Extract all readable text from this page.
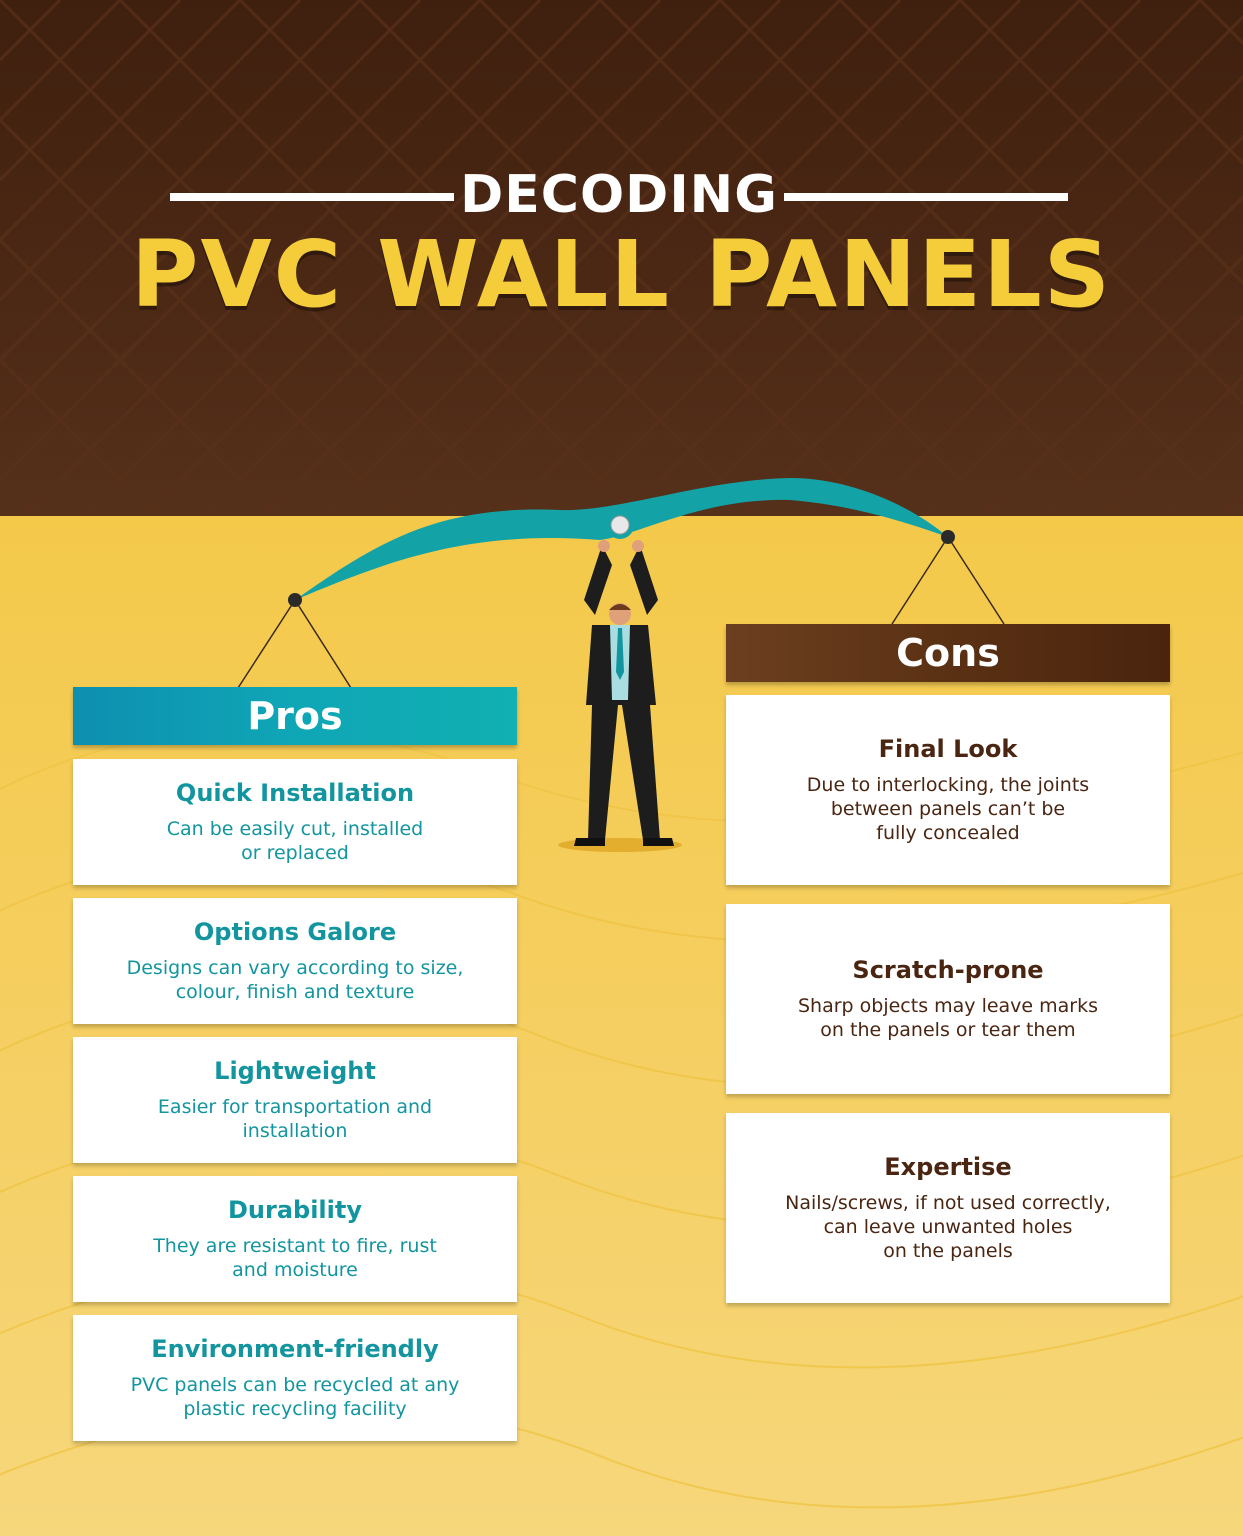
DECODING
PVC WALL PANELS
Pros
Quick Installation
Can be easily cut, installed
or replaced
Options Galore
Designs can vary according to size,
colour, finish and texture
Lightweight
Easier for transportation and
installation
Durability
They are resistant to fire, rust
and moisture
Environment-friendly
PVC panels can be recycled at any
plastic recycling facility
Cons
Final Look
Due to interlocking, the joints
between panels can’t be
fully concealed
Scratch-prone
Sharp objects may leave marks
on the panels or tear them
Expertise
Nails/screws, if not used correctly,
can leave unwanted holes
on the panels
